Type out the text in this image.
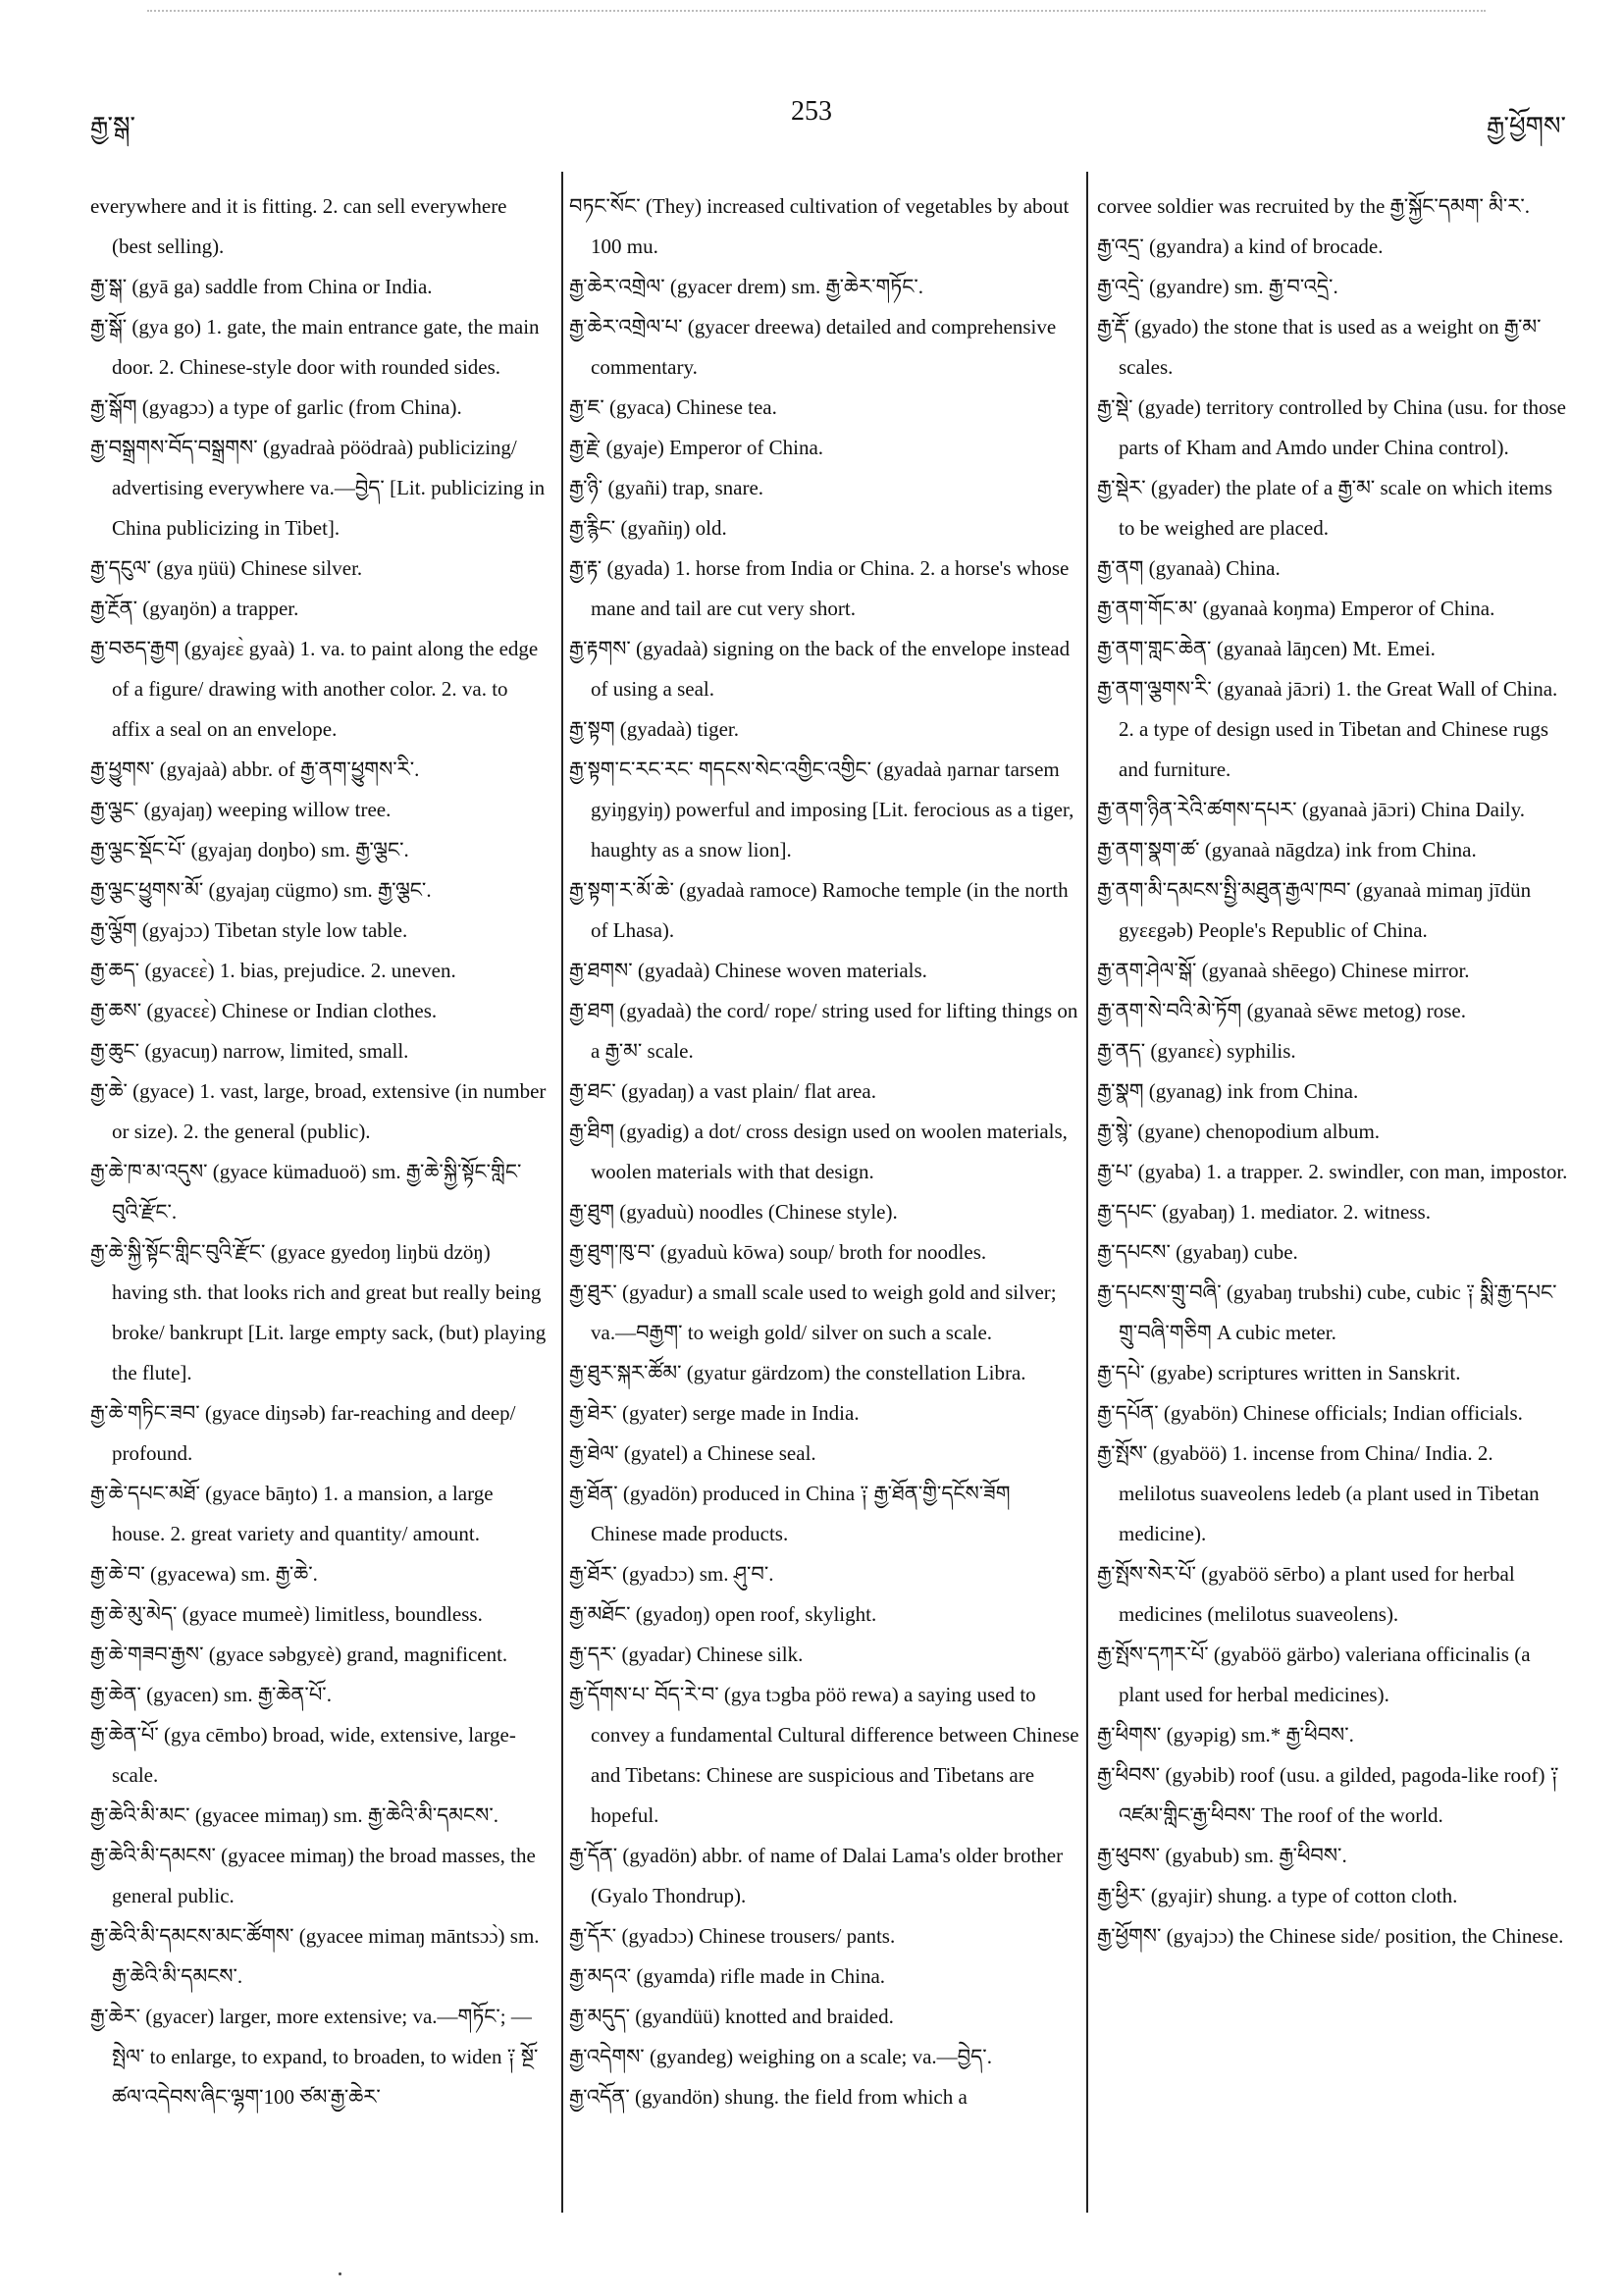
རྒྱ་སྒ་	253	རྒྱ་ཕྱོགས་

everywhere and it is fitting. 2. can sell everywhere (best selling).

རྒྱ་སྒ་ (gyā ga) saddle from China or India.

རྒྱ་སྒོ་ (gya go) 1. gate, the main entrance gate, the main door. 2. Chinese-style door with rounded sides.

རྒྱ་སྒོག (gyagɔɔ) a type of garlic (from China).

རྒྱ་བསྒྲགས་བོད་བསྒྲགས་ (gyadraà pöödraà) publicizing/ advertising everywhere va.—བྱེད་ [Lit. publicizing in China publicizing in Tibet].

རྒྱ་དངུལ་ (gya ŋüü) Chinese silver.

རྒྱ་རྔོན་ (gyaŋön) a trapper.

རྒྱ་བཅད་རྒྱག (gyajɛɛ̀ gyaà) 1. va. to paint along the edge of a figure/ drawing with another color. 2. va. to affix a seal on an envelope.

རྒྱ་ཕྱུགས་ (gyajaà) abbr. of རྒྱ་ནག་ཕྱུགས་རི་.

རྒྱ་ལྕང་ (gyajaŋ) weeping willow tree.

རྒྱ་ལྕང་སྡོང་པོ་ (gyajaŋ doŋbo) sm. རྒྱ་ལྕང་.

རྒྱ་ལྕང་ཕྱུགས་མོ་ (gyajaŋ cügmo) sm. རྒྱ་ལྕང་.

རྒྱ་ལྕོག (gyajɔɔ) Tibetan style low table.

རྒྱ་ཆད་ (gyacɛɛ̀) 1. bias, prejudice. 2. uneven.

རྒྱ་ཆས་ (gyacɛɛ̀) Chinese or Indian clothes.

རྒྱ་ཆུང་ (gyacuŋ) narrow, limited, small.

རྒྱ་ཆེ་ (gyace) 1. vast, large, broad, extensive (in number or size). 2. the general (public).

རྒྱ་ཆེ་ཁ་མ་འདུས་ (gyace kümaduoö) sm. རྒྱ་ཆེ་སྐྱི་སྟོང་གླིང་བུའི་རྫོང་.

རྒྱ་ཆེ་སྐྱི་སྟོང་གླིང་བུའི་རྫོང་ (gyace gyedoŋ liŋbü dzöŋ) having sth. that looks rich and great but really being broke/ bankrupt [Lit. large empty sack, (but) playing the flute].

རྒྱ་ཆེ་གཏིང་ཟབ་ (gyace diŋsəb) far-reaching and deep/ profound.

རྒྱ་ཆེ་དཔང་མཐོ་ (gyace bāŋto) 1. a mansion, a large house. 2. great variety and quantity/ amount.

རྒྱ་ཆེ་བ་ (gyacewa) sm. རྒྱ་ཆེ་.

རྒྱ་ཆེ་མུ་མེད་ (gyace mumeè) limitless, boundless.

རྒྱ་ཆེ་གཟབ་རྒྱས་ (gyace səbgyɛè) grand, magnificent.

རྒྱ་ཆེན་ (gyacen) sm. རྒྱ་ཆེན་པོ་.

རྒྱ་ཆེན་པོ་ (gya cēmbo) broad, wide, extensive, large-scale.

རྒྱ་ཆེའི་མི་མང་ (gyacee mimaŋ) sm. རྒྱ་ཆེའི་མི་དམངས་.

རྒྱ་ཆེའི་མི་དམངས་ (gyacee mimaŋ) the broad masses, the general public.

རྒྱ་ཆེའི་མི་དམངས་མང་ཚོགས་ (gyacee mimaŋ māntsɔɔ̀) sm. རྒྱ་ཆེའི་མི་དམངས་.

རྒྱ་ཆེར་ (gyacer) larger, more extensive; va.—གཏོང་; —སྤེལ་ to enlarge, to expand, to broaden, to widen ༑ སྔོ་ཚལ་འདེབས་ཞིང་ལྷག་100 ཙམ་རྒྱ་ཆེར་

བཏང་སོང་ (They) increased cultivation of vegetables by about 100 mu.

རྒྱ་ཆེར་འགྲེལ་ (gyacer drem) sm. རྒྱ་ཆེར་གཏོང་.

རྒྱ་ཆེར་འགྲེལ་པ་ (gyacer dreewa) detailed and comprehensive commentary.

རྒྱ་ཇ་ (gyaca) Chinese tea.

རྒྱ་རྗེ་ (gyaje) Emperor of China.

རྒྱ་ཉི་ (gyañi) trap, snare.

རྒྱ་རྙིང་ (gyañiŋ) old.

རྒྱ་རྟ་ (gyada) 1. horse from India or China. 2. a horse's whose mane and tail are cut very short.

རྒྱ་རྟགས་ (gyadaà) signing on the back of the envelope instead of using a seal.

རྒྱ་སྟག (gyadaà) tiger.

རྒྱ་སྟག་ང་རང་རང་ གདངས་སེང་འགྱིང་འགྱིང་ (gyadaà ŋarnar tarsem gyiŋgyiŋ) powerful and imposing [Lit. ferocious as a tiger, haughty as a snow lion].

རྒྱ་སྟག་ར་མོ་ཆེ་ (gyadaà ramoce) Ramoche temple (in the north of Lhasa).

རྒྱ་ཐགས་ (gyadaà) Chinese woven materials.

རྒྱ་ཐག (gyadaà) the cord/ rope/ string used for lifting things on a རྒྱ་མ་ scale.

རྒྱ་ཐང་ (gyadaŋ) a vast plain/ flat area.

རྒྱ་ཐིག (gyadig) a dot/ cross design used on woolen materials, woolen materials with that design.

རྒྱ་ཐུག (gyaduù) noodles (Chinese style).

རྒྱ་ཐུག་ཁུ་བ་ (gyaduù kōwa) soup/ broth for noodles.

རྒྱ་ཐུར་ (gyadur) a small scale used to weigh gold and silver; va.—བརྒྱག་ to weigh gold/ silver on such a scale.

རྒྱ་ཐུར་སྐར་ཚོམ་ (gyatur gärdzom) the constellation Libra.

རྒྱ་ཐེར་ (gyater) serge made in India.

རྒྱ་ཐེལ་ (gyatel) a Chinese seal.

རྒྱ་ཐོན་ (gyadön) produced in China ༑ རྒྱ་ཐོན་གྱི་དངོས་ཟོག Chinese made products.

རྒྱ་ཐོར་ (gyadɔɔ) sm. ཤུ་བ་.

རྒྱ་མཐོང་ (gyadoŋ) open roof, skylight.

རྒྱ་དར་ (gyadar) Chinese silk.

རྒྱ་དོགས་པ་ བོད་རེ་བ་ (gya tɔgba pöö rewa) a saying used to convey a fundamental Cultural difference between Chinese and Tibetans: Chinese are suspicious and Tibetans are hopeful.

རྒྱ་དོན་ (gyadön) abbr. of name of Dalai Lama's older brother (Gyalo Thondrup).

རྒྱ་དོར་ (gyadɔɔ) Chinese trousers/ pants.

རྒྱ་མདའ་ (gyamda) rifle made in China.

རྒྱ་མདུད་ (gyandüü) knotted and braided.

རྒྱ་འདེགས་ (gyandeg) weighing on a scale; va.—བྱེད་.

རྒྱ་འདོན་ (gyandön) shung. the field from which a

corvee soldier was recruited by the རྒྱ་སྐྱོང་དམག་ མི་ར་.

རྒྱ་འདྲ་ (gyandra) a kind of brocade.

རྒྱ་འདྲེ་ (gyandre) sm. རྒྱ་བ་འདྲེ་.

རྒྱ་རྡོ་ (gyado) the stone that is used as a weight on རྒྱ་མ་ scales.

རྒྱ་སྡེ་ (gyade) territory controlled by China (usu. for those parts of Kham and Amdo under China control).

རྒྱ་སྡེར་ (gyader) the plate of a རྒྱ་མ་ scale on which items to be weighed are placed.

རྒྱ་ནག (gyanaà) China.

རྒྱ་ནག་གོང་མ་ (gyanaà koŋma) Emperor of China.

རྒྱ་ནག་གླང་ཆེན་ (gyanaà lāŋcen) Mt. Emei.

རྒྱ་ནག་ལྕགས་རི་ (gyanaà jāɔri) 1. the Great Wall of China. 2. a type of design used in Tibetan and Chinese rugs and furniture.

རྒྱ་ནག་ཉིན་རེའི་ཚགས་དཔར་ (gyanaà jāɔri) China Daily.

རྒྱ་ནག་སྣག་ཚ་ (gyanaà nāgdza) ink from China.

རྒྱ་ནག་མི་དམངས་སྤྱི་མཐུན་རྒྱལ་ཁབ་ (gyanaà mimaŋ jīdün gyɛɛgəb) People's Republic of China.

རྒྱ་ནག་ཤེལ་སྒོ་ (gyanaà shēego) Chinese mirror.

རྒྱ་ནག་སེ་བའི་མེ་ཏོག (gyanaà sēwɛ metog) rose.

རྒྱ་ནད་ (gyanɛɛ̀) syphilis.

རྒྱ་སྣག (gyanag) ink from China.

རྒྱ་སྙེ་ (gyane) chenopodium album.

རྒྱ་པ་ (gyaba) 1. a trapper. 2. swindler, con man, impostor.

རྒྱ་དཔང་ (gyabaŋ) 1. mediator. 2. witness.

རྒྱ་དཔངས་ (gyabaŋ) cube.

རྒྱ་དཔངས་གྲུ་བཞི་ (gyabaŋ trubshi) cube, cubic ༑ སྨི་རྒྱ་དཔང་གྲུ་བཞི་གཅིག A cubic meter.

རྒྱ་དཔེ་ (gyabe) scriptures written in Sanskrit.

རྒྱ་དཔོན་ (gyabön) Chinese officials; Indian officials.

རྒྱ་སྤོས་ (gyaböö) 1. incense from China/ India. 2. melilotus suaveolens ledeb (a plant used in Tibetan medicine).

རྒྱ་སྤོས་སེར་པོ་ (gyaböö sērbo) a plant used for herbal medicines (melilotus suaveolens).

རྒྱ་སྤོས་དཀར་པོ་ (gyaböö gärbo) valeriana officinalis (a plant used for herbal medicines).

རྒྱ་ཕིགས་ (gyəpig) sm.* རྒྱ་ཕིབས་.

རྒྱ་ཕིབས་ (gyəbib) roof (usu. a gilded, pagoda-like roof) ༑ འཛམ་གླིང་རྒྱ་ཕིབས་ The roof of the world.

རྒྱ་ཕུབས་ (gyabub) sm. རྒྱ་ཕིབས་.

རྒྱ་ཕྱིར་ (gyajir) shung. a type of cotton cloth.

རྒྱ་ཕྱོགས་ (gyajɔɔ) the Chinese side/ position, the Chinese.
